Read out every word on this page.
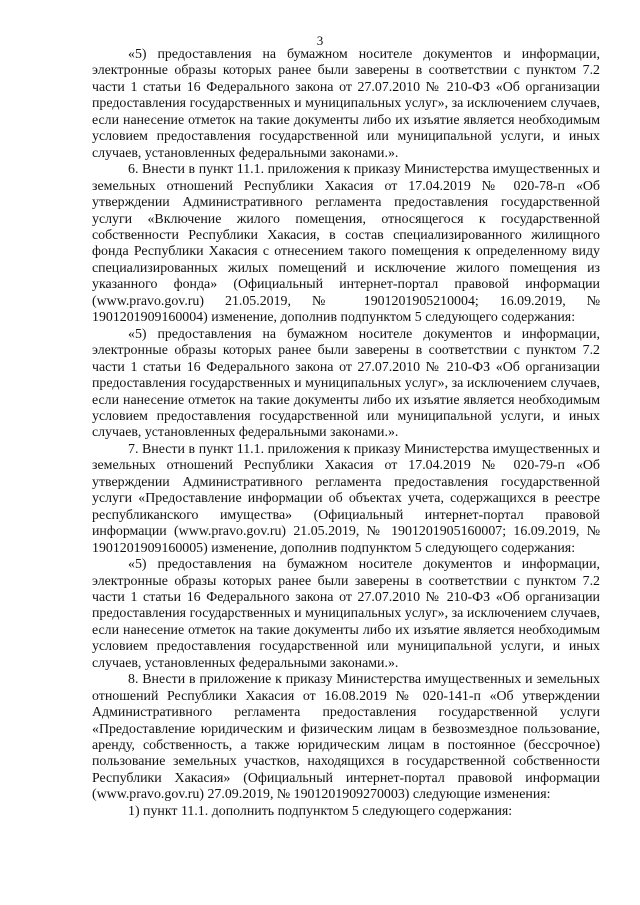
3

«5) предоставления на бумажном носителе документов и информации, электронные образы которых ранее были заверены в соответствии с пунктом 7.2 части 1 статьи 16 Федерального закона от 27.07.2010 № 210-ФЗ «Об организации предоставления государственных и муниципальных услуг», за исключением случаев, если нанесение отметок на такие документы либо их изъятие является необходимым условием предоставления государственной или муниципальной услуги, и иных случаев, установленных федеральными законами.».

6. Внести в пункт 11.1. приложения к приказу Министерства имущественных и земельных отношений Республики Хакасия от 17.04.2019 № 020-78-п «Об утверждении Административного регламента предоставления государственной услуги «Включение жилого помещения, относящегося к государственной собственности Республики Хакасия, в состав специализированного жилищного фонда Республики Хакасия с отнесением такого помещения к определенному виду специализированных жилых помещений и исключение жилого помещения из указанного фонда» (Официальный интернет-портал правовой информации (www.pravo.gov.ru) 21.05.2019, № 1901201905210004; 16.09.2019, № 1901201909160004) изменение, дополнив подпунктом 5 следующего содержания:

«5) предоставления на бумажном носителе документов и информации, электронные образы которых ранее были заверены в соответствии с пунктом 7.2 части 1 статьи 16 Федерального закона от 27.07.2010 № 210-ФЗ «Об организации предоставления государственных и муниципальных услуг», за исключением случаев, если нанесение отметок на такие документы либо их изъятие является необходимым условием предоставления государственной или муниципальной услуги, и иных случаев, установленных федеральными законами.».

7. Внести в пункт 11.1. приложения к приказу Министерства имущественных и земельных отношений Республики Хакасия от 17.04.2019 № 020-79-п «Об утверждении Административного регламента предоставления государственной услуги «Предоставление информации об объектах учета, содержащихся в реестре республиканского имущества» (Официальный интернет-портал правовой информации (www.pravo.gov.ru) 21.05.2019, № 1901201905160007; 16.09.2019, № 1901201909160005) изменение, дополнив подпунктом 5 следующего содержания:

«5) предоставления на бумажном носителе документов и информации, электронные образы которых ранее были заверены в соответствии с пунктом 7.2 части 1 статьи 16 Федерального закона от 27.07.2010 № 210-ФЗ «Об организации предоставления государственных и муниципальных услуг», за исключением случаев, если нанесение отметок на такие документы либо их изъятие является необходимым условием предоставления государственной или муниципальной услуги, и иных случаев, установленных федеральными законами.».

8. Внести в приложение к приказу Министерства имущественных и земельных отношений Республики Хакасия от 16.08.2019 № 020-141-п «Об утверждении Административного регламента предоставления государственной услуги «Предоставление юридическим и физическим лицам в безвозмездное пользование, аренду, собственность, а также юридическим лицам в постоянное (бессрочное) пользование земельных участков, находящихся в государственной собственности Республики Хакасия» (Официальный интернет-портал правовой информации (www.pravo.gov.ru) 27.09.2019, № 1901201909270003) следующие изменения:

1) пункт 11.1. дополнить подпунктом 5 следующего содержания:
